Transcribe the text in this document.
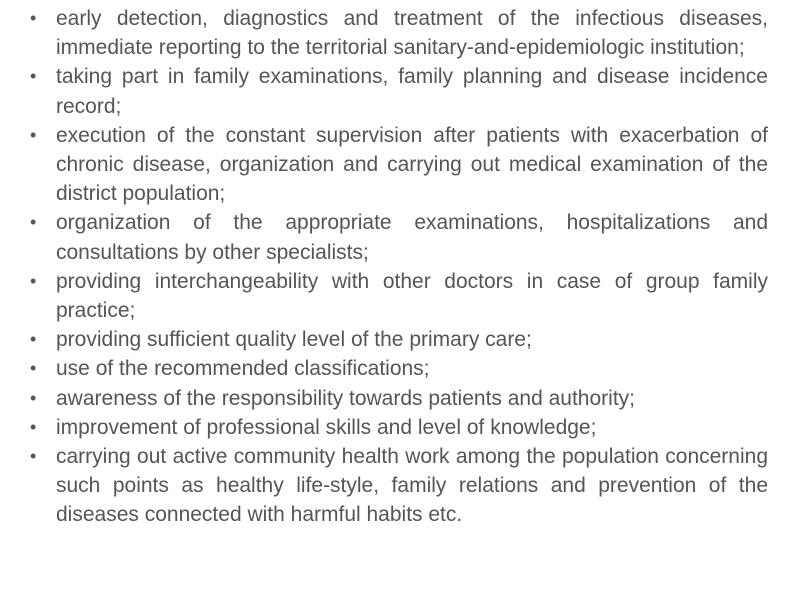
• early detection, diagnostics and treatment of the infectious diseases, immediate reporting to the territorial sanitary-and-epidemiologic institution;
• taking part in family examinations, family planning and disease incidence record;
• execution of the constant supervision after patients with exacerbation of chronic disease, organization and carrying out medical examination of the district population;
• organization of the appropriate examinations, hospitalizations and consultations by other specialists;
• providing interchangeability with other doctors in case of group family practice;
• providing sufficient quality level of the primary care;
• use of the recommended classifications;
• awareness of the responsibility towards patients and authority;
• improvement of professional skills and level of knowledge;
• carrying out active community health work among the population concerning such points as healthy life-style, family relations and prevention of the diseases connected with harmful habits etc.
